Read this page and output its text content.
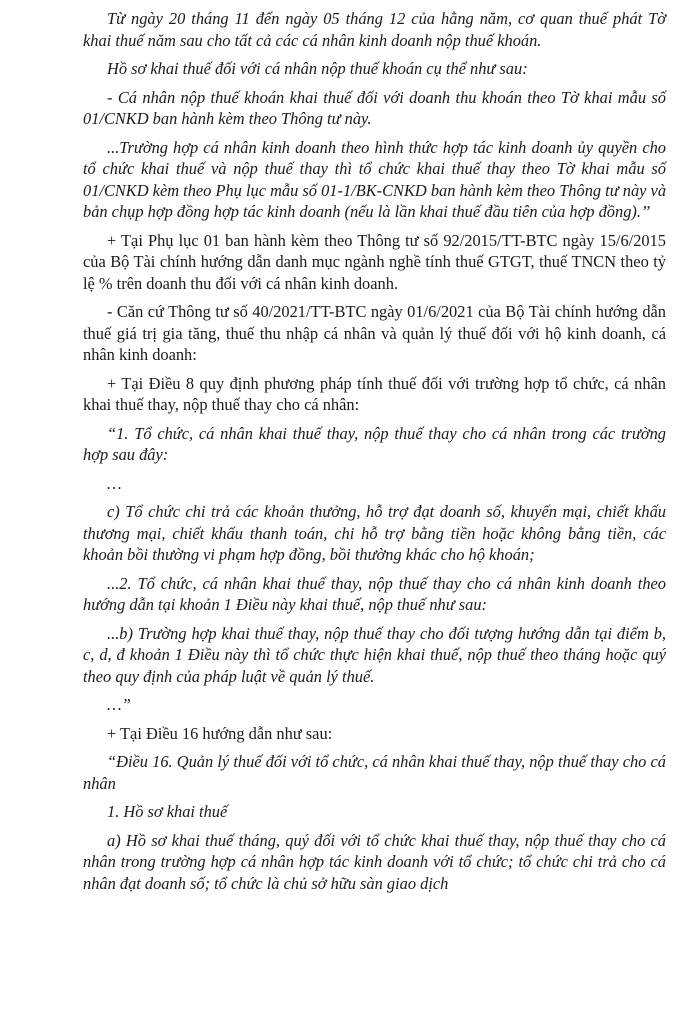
Từ ngày 20 tháng 11 đến ngày 05 tháng 12 của hằng năm, cơ quan thuế phát Tờ khai thuế năm sau cho tất cả các cá nhân kinh doanh nộp thuế khoán.

Hồ sơ khai thuế đối với cá nhân nộp thuế khoán cụ thể như sau:

- Cá nhân nộp thuế khoán khai thuế đối với doanh thu khoán theo Tờ khai mẫu số 01/CNKD ban hành kèm theo Thông tư này.

...Trường hợp cá nhân kinh doanh theo hình thức hợp tác kinh doanh ủy quyền cho tổ chức khai thuế và nộp thuế thay thì tổ chức khai thuế thay theo Tờ khai mẫu số 01/CNKD kèm theo Phụ lục mẫu số 01-1/BK-CNKD ban hành kèm theo Thông tư này và bản chụp hợp đồng hợp tác kinh doanh (nếu là lần khai thuế đầu tiên của hợp đồng).’’

+ Tại Phụ lục 01 ban hành kèm theo Thông tư số 92/2015/TT-BTC ngày 15/6/2015 của Bộ Tài chính hướng dẫn danh mục ngành nghề tính thuế GTGT, thuế TNCN theo tỷ lệ % trên doanh thu đối với cá nhân kinh doanh.

- Căn cứ Thông tư số 40/2021/TT-BTC ngày 01/6/2021 của Bộ Tài chính hướng dẫn thuế giá trị gia tăng, thuế thu nhập cá nhân và quản lý thuế đối với hộ kinh doanh, cá nhân kinh doanh:

+ Tại Điều 8 quy định phương pháp tính thuế đối với trường hợp tổ chức, cá nhân khai thuế thay, nộp thuế thay cho cá nhân:

“1. Tổ chức, cá nhân khai thuế thay, nộp thuế thay cho cá nhân trong các trường hợp sau đây:

…

c) Tổ chức chi trả các khoản thưởng, hỗ trợ đạt doanh số, khuyến mại, chiết khấu thương mại, chiết khấu thanh toán, chi hỗ trợ bằng tiền hoặc không bằng tiền, các khoản bồi thường vi phạm hợp đồng, bồi thường khác cho hộ khoán;

...2. Tổ chức, cá nhân khai thuế thay, nộp thuế thay cho cá nhân kinh doanh theo hướng dẫn tại khoản 1 Điều này khai thuế, nộp thuế như sau:

...b) Trường hợp khai thuế thay, nộp thuế thay cho đối tượng hướng dẫn tại điểm b, c, d, đ khoản 1 Điều này thì tổ chức thực hiện khai thuế, nộp thuế theo tháng hoặc quý theo quy định của pháp luật về quản lý thuế.

…”

+ Tại Điều 16 hướng dẫn như sau:

“Điều 16. Quản lý thuế đối với tổ chức, cá nhân khai thuế thay, nộp thuế thay cho cá nhân

1. Hồ sơ khai thuế

a) Hồ sơ khai thuế tháng, quý đối với tổ chức khai thuế thay, nộp thuế thay cho cá nhân trong trường hợp cá nhân hợp tác kinh doanh với tổ chức; tổ chức chi trả cho cá nhân đạt doanh số; tổ chức là chủ sở hữu sàn giao dịch
